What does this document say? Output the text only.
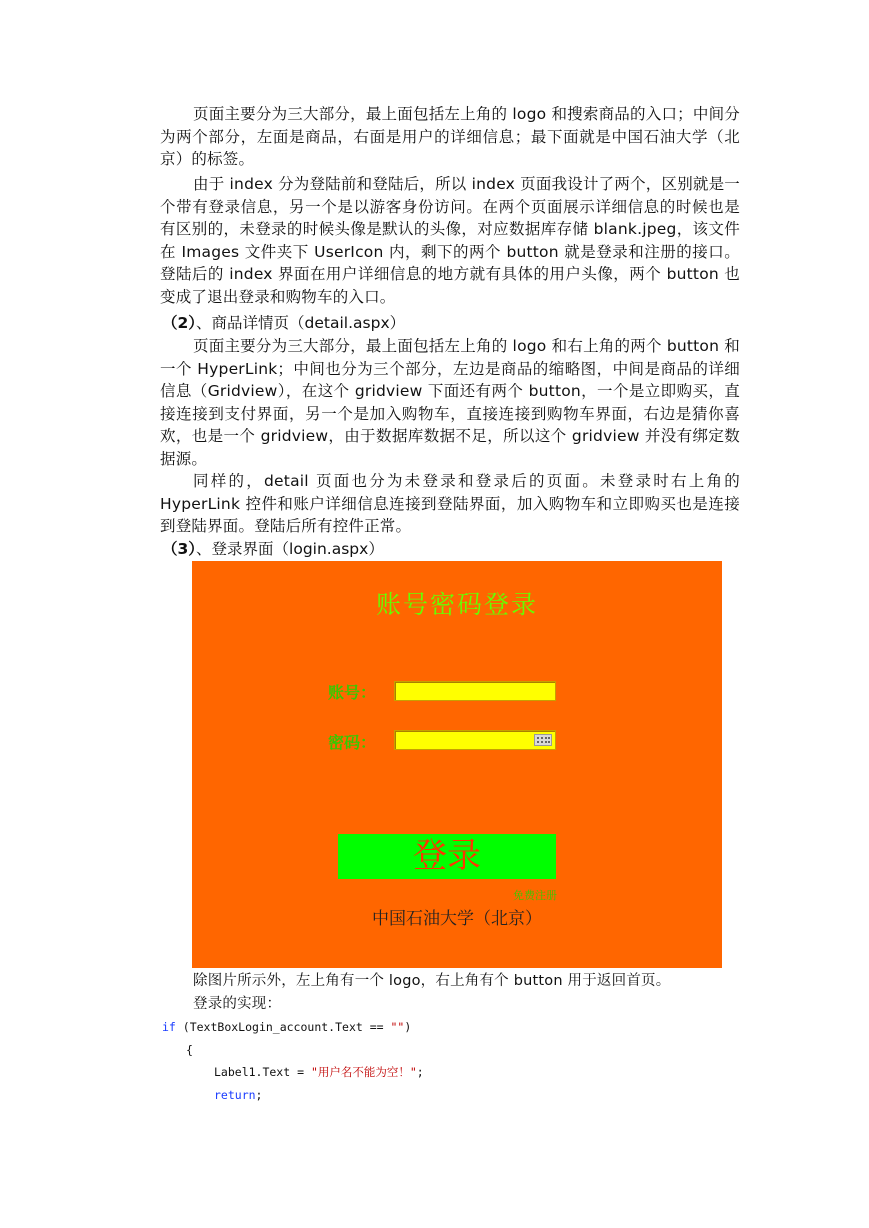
页面主要分为三大部分，最上面包括左上角的 logo 和搜索商品的入口；中间分为两个部分，左面是商品，右面是用户的详细信息；最下面就是中国石油大学（北京）的标签。

由于 index 分为登陆前和登陆后，所以 index 页面我设计了两个，区别就是一个带有登录信息，另一个是以游客身份访问。在两个页面展示详细信息的时候也是有区别的，未登录的时候头像是默认的头像，对应数据库存储 blank.jpeg，该文件在 Images 文件夹下 UserIcon 内，剩下的两个 button 就是登录和注册的接口。登陆后的 index 界面在用户详细信息的地方就有具体的用户头像，两个 button 也变成了退出登录和购物车的入口。

（2）、商品详情页（detail.aspx）

页面主要分为三大部分，最上面包括左上角的 logo 和右上角的两个 button 和一个 HyperLink；中间也分为三个部分，左边是商品的缩略图，中间是商品的详细信息（Gridview），在这个 gridview 下面还有两个 button，一个是立即购买，直接连接到支付界面，另一个是加入购物车，直接连接到购物车界面，右边是猜你喜欢，也是一个 gridview，由于数据库数据不足，所以这个 gridview 并没有绑定数据源。

同样的，detail 页面也分为未登录和登录后的页面。未登录时右上角的 HyperLink 控件和账户详细信息连接到登陆界面，加入购物车和立即购买也是连接到登陆界面。登陆后所有控件正常。

（3）、登录界面（login.aspx）
账号密码登录
账号：
密码：
登录
免费注册
中国石油大学（北京）

除图片所示外，左上角有一个 logo，右上角有个 button 用于返回首页。

登录的实现：

if (TextBoxLogin_account.Text == "")
{
Label1.Text = "用户名不能为空！";
return;
